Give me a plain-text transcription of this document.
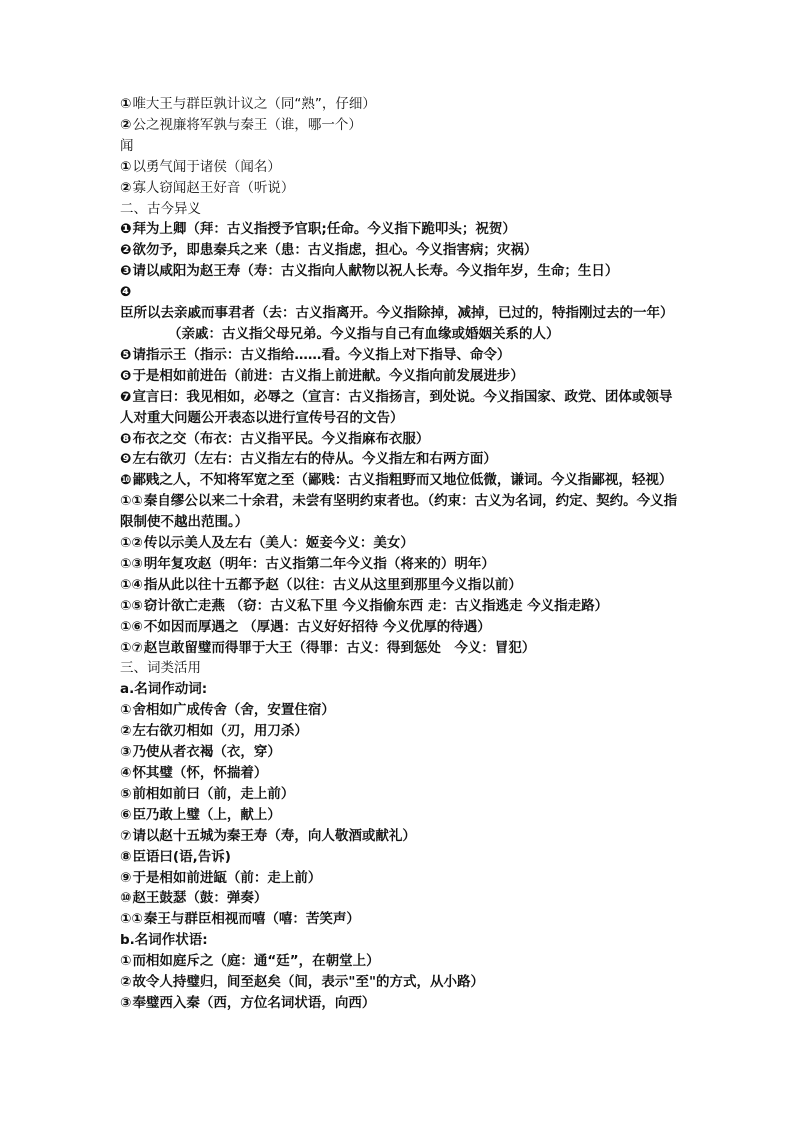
①唯大王与群臣孰计议之（同“熟”，仔细）
②公之视廉将军孰与秦王（谁，哪一个）
闻
①以勇气闻于诸侯（闻名）
②寡人窃闻赵王好音（听说）
二、古今异义
❶拜为上卿（拜：古义指授予官职;任命。今义指下跪叩头；祝贺）
❷欲勿予，即患秦兵之来（患：古义指虑，担心。今义指害病；灾祸）
❸请以咸阳为赵王寿（寿：古义指向人献物以祝人长寿。今义指年岁，生命；生日）
❹臣所以去亲戚而事君者（去：古义指离开。今义指除掉，减掉，已过的，特指刚过去的一年）（亲戚：古义指父母兄弟。今义指与自己有血缘或婚姻关系的人）
❺请指示王（指示：古义指给……看。今义指上对下指导、命令）
❻于是相如前进缶（前进：古义指上前进献。今义指向前发展进步）
❼宣言曰：我见相如，必辱之（宣言：古义指扬言，到处说。今义指国家、政党、团体或领导人对重大问题公开表态以进行宣传号召的文告）
❽布衣之交（布衣：古义指平民。今义指麻布衣服）
❾左右欲刃（左右：古义指左右的侍从。今义指左和右两方面）
❿鄙贱之人，不知将军宽之至（鄙贱：古义指粗野而又地位低微，谦词。今义指鄙视，轻视）
①①秦自缪公以来二十余君，未尝有坚明约束者也。（约束：古义为名词，约定、契约。今义指限制使不越出范围。）
①②传以示美人及左右（美人：姬妾今义：美女）
①③明年复攻赵（明年：古义指第二年今义指（将来的）明年）
①④指从此以往十五都予赵（以往：古义从这里到那里今义指以前）
①⑤窃计欲亡走燕 （窃：古义私下里 今义指偷东西 走：古义指逃走 今义指走路）
①⑥不如因而厚遇之 （厚遇：古义好好招待 今义优厚的待遇）
①⑦赵岂敢留璧而得罪于大王（得罪：古义：得到惩处　今义：冒犯）
三、词类活用
a.名词作动词:
①舍相如广成传舍（舍，安置住宿）
②左右欲刃相如（刃，用刀杀）
③乃使从者衣褐（衣，穿）
④怀其璧（怀，怀揣着）
⑤前相如前曰（前，走上前）
⑥臣乃敢上璧（上，献上）
⑦请以赵十五城为秦王寿（寿，向人敬酒或献礼）
⑧臣语曰(语,告诉)
⑨于是相如前进缻（前：走上前）
⑩赵王鼓瑟（鼓：弹奏）
①①秦王与群臣相视而嘻（嘻：苦笑声）
b.名词作状语:
①而相如庭斥之（庭：通“廷”，在朝堂上）
②故令人持璧归，间至赵矣（间，表示"至"的方式，从小路）
③奉璧西入秦（西，方位名词状语，向西）
